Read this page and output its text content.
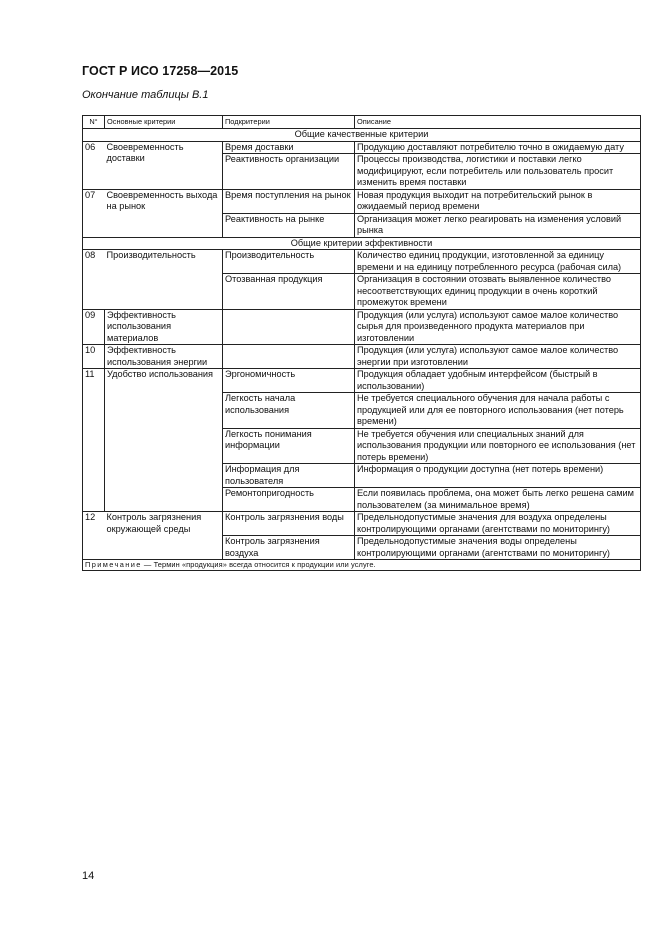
ГОСТ Р ИСО 17258—2015
Окончание таблицы В.1
N°	Основные критерии	Подкритерии	Описание
Общие качественные критерии			
06	Своевременность доставки	Время доставки	Продукцию доставляют потребителю точно в ожидаемую дату
		Реактивность организации	Процессы производства, логистики и поставки легко модифицируют, если потребитель или пользователь просит изменить время поставки
07	Своевременность выхода на рынок	Время поступления на рынок	Новая продукция выходит на потребительский рынок в ожидаемый период времени
		Реактивность на рынке	Организация может легко реагировать на изменения условий рынка
Общие критерии эффективности			
08	Производительность	Производительность	Количество единиц продукции, изготовленной за единицу времени и на единицу потребленного ресурса (рабочая сила)
		Отозванная продукция	Организация в состоянии отозвать выявленное количество несоответствующих единиц продукции в очень короткий промежуток времени
09	Эффективность использования материалов		Продукция (или услуга) используют самое малое количество сырья для произведенного продукта материалов при изготовлении
10	Эффективность использования энергии		Продукция (или услуга) используют самое малое количество энергии при изготовлении
11	Удобство использования	Эргономичность	Продукция обладает удобным интерфейсом (быстрый в использовании)
		Легкость начала использования	Не требуется специального обучения для начала работы с продукцией или для ее повторного использования (нет потерь времени)
		Легкость понимания информации	Не требуется обучения или специальных знаний для использования продукции или повторного ее использования (нет потерь времени)
		Информация для пользователя	Информация о продукции доступна (нет потерь времени)
		Ремонтопригодность	Если появилась проблема, она может быть легко решена самим пользователем (за минимальное время)
12	Контроль загрязнения окружающей среды	Контроль загрязнения воды	Предельнодопустимые значения для воздуха определены контролирующими органами (агентствами по мониторингу)
		Контроль загрязнения воздуха	Предельнодопустимые значения воды определены контролирующими органами (агентствами по мониторингу)
Примечание — Термин «продукция» всегда относится к продукции или услуге.			
14
